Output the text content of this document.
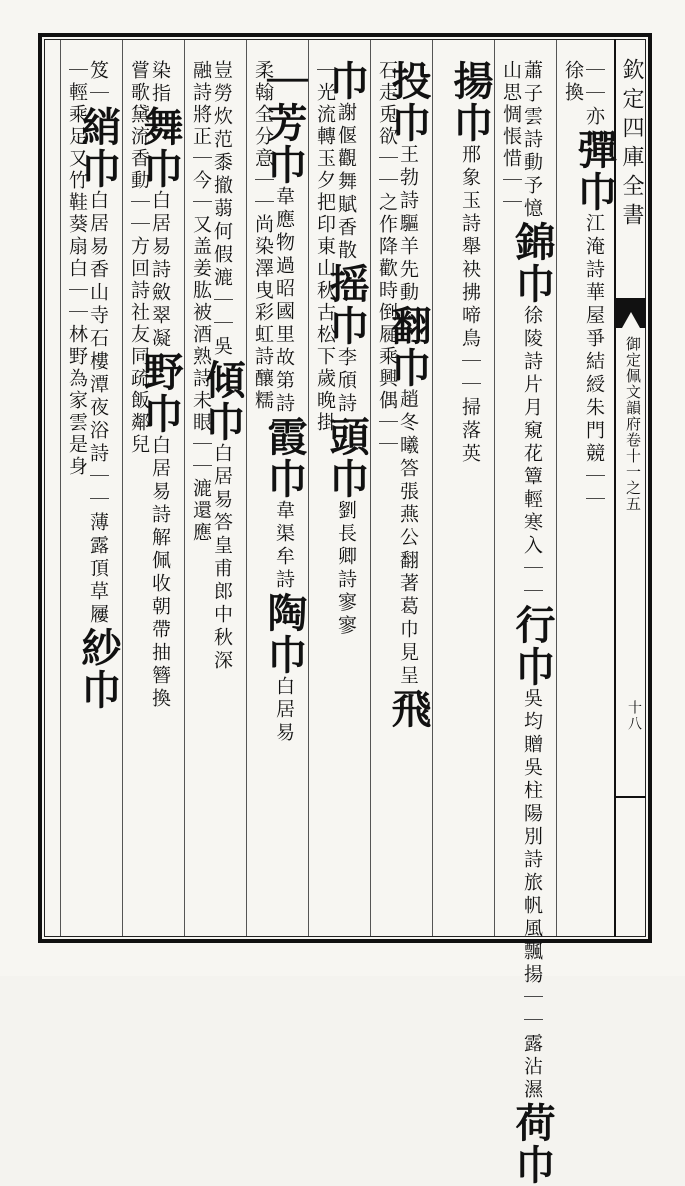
欽定四庫全書
御定佩文韻府卷十一之五
十八
｜｜亦彈巾江淹詩華屋爭結綬朱門競｜｜
徐換
蕭子雲詩動予憶錦巾徐陵詩片月窺花簟輕寒入｜｜行巾吳均贈吳柱陽別詩旅帆風飄揚｜｜露沾濕荷巾
山思惆悵惜｜｜
揚巾邢象玉詩舉袂拂啼鳥｜｜掃落英
投巾王勃詩驅羊先動翻巾趙冬曦答張燕公翻著葛巾見呈飛
石走兎欲｜｜之作降歡時倒屣乘興偶｜｜
巾謝偃觀舞賦香散摇巾李頎詩頭巾劉長卿詩寥寥
｜光流轉玉夕把印東山秋古松下歲晚掛
｜芳巾韋應物過昭國里故第詩霞巾韋渠牟詩陶巾白居易
柔翰全分意｜｜尚染澤曳彩虹詩釀糯
豈勞炊范黍撤蒻何假漉｜｜吳傾巾白居易答皇甫郎中秋深
融詩將正｜今｜又盖姜肱被酒熟詩未眼｜｜漉還應
染指舞巾白居易詩斂翠凝野巾白居易詩解佩收朝帶抽簪換
嘗歌黛流香動｜｜方回詩社友同疏飯鄰兒
笈｜綃巾白居易香山寺石樓潭夜浴詩｜｜薄露頂草屨紗巾
｜輕乘足又竹鞋葵扇白｜｜林野為家雲是身
